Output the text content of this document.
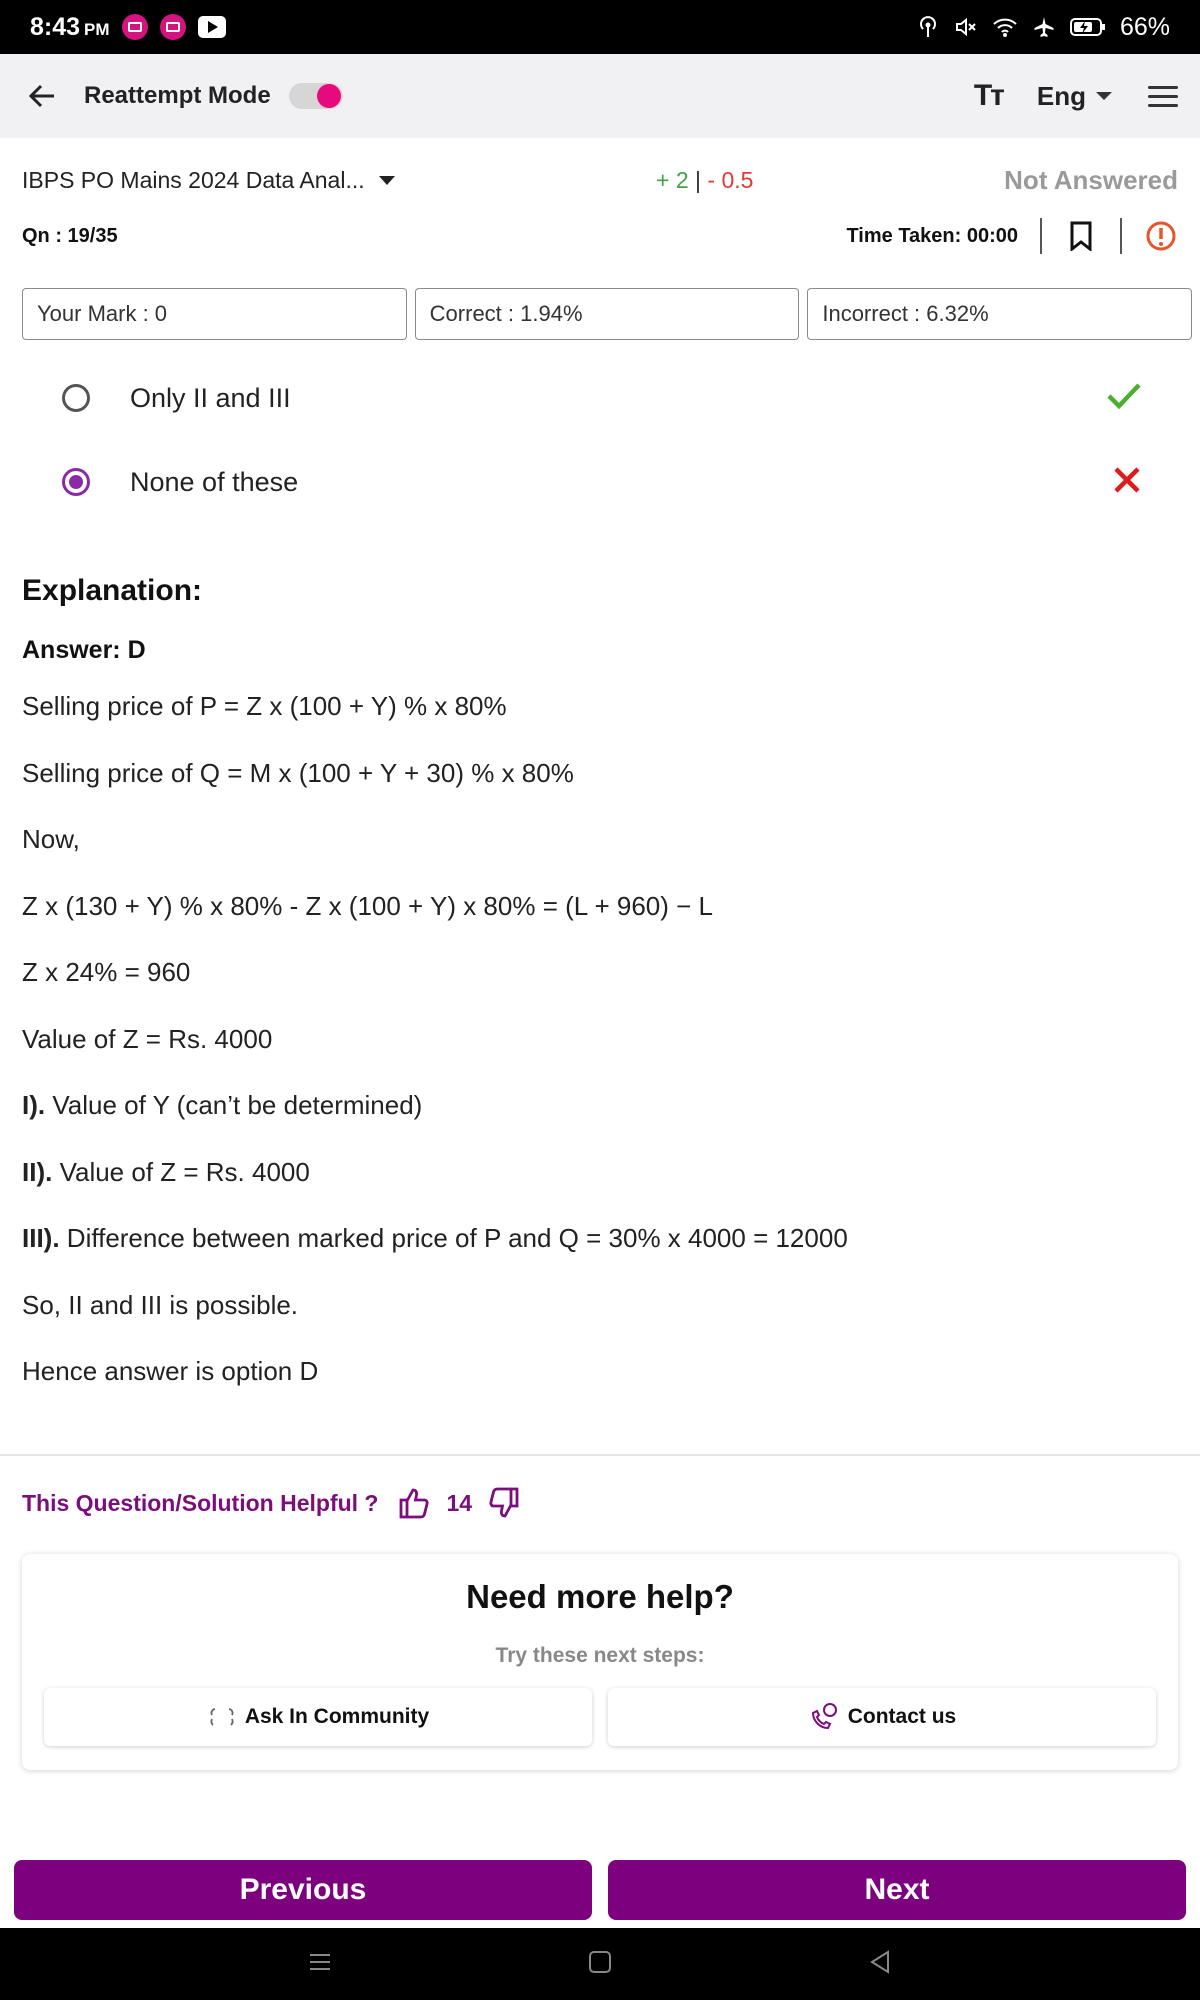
8:43 PM	66%
Reattempt Mode	Tт Eng
IBPS PO Mains 2024 Data Anal...	+ 2 | - 0.5	Not Answered
Qn : 19/35	Time Taken: 00:00
Your Mark : 0	Correct : 1.94%	Incorrect : 6.32%
Only II and III
None of these
Explanation:
Answer: D

Selling price of P = Z x (100 + Y) % x 80%

Selling price of Q = M x (100 + Y + 30) % x 80%

Now,

Z x (130 + Y) % x 80% - Z x (100 + Y) x 80% = (L + 960) − L

Z x 24% = 960

Value of Z = Rs. 4000

I). Value of Y (can’t be determined)

II). Value of Z = Rs. 4000

III). Difference between marked price of P and Q = 30% x 4000 = 12000

So, II and III is possible.

Hence answer is option D

This Question/Solution Helpful ?	14
Need more help?
Try these next steps:
Ask In Community	Contact us
Previous	Next
